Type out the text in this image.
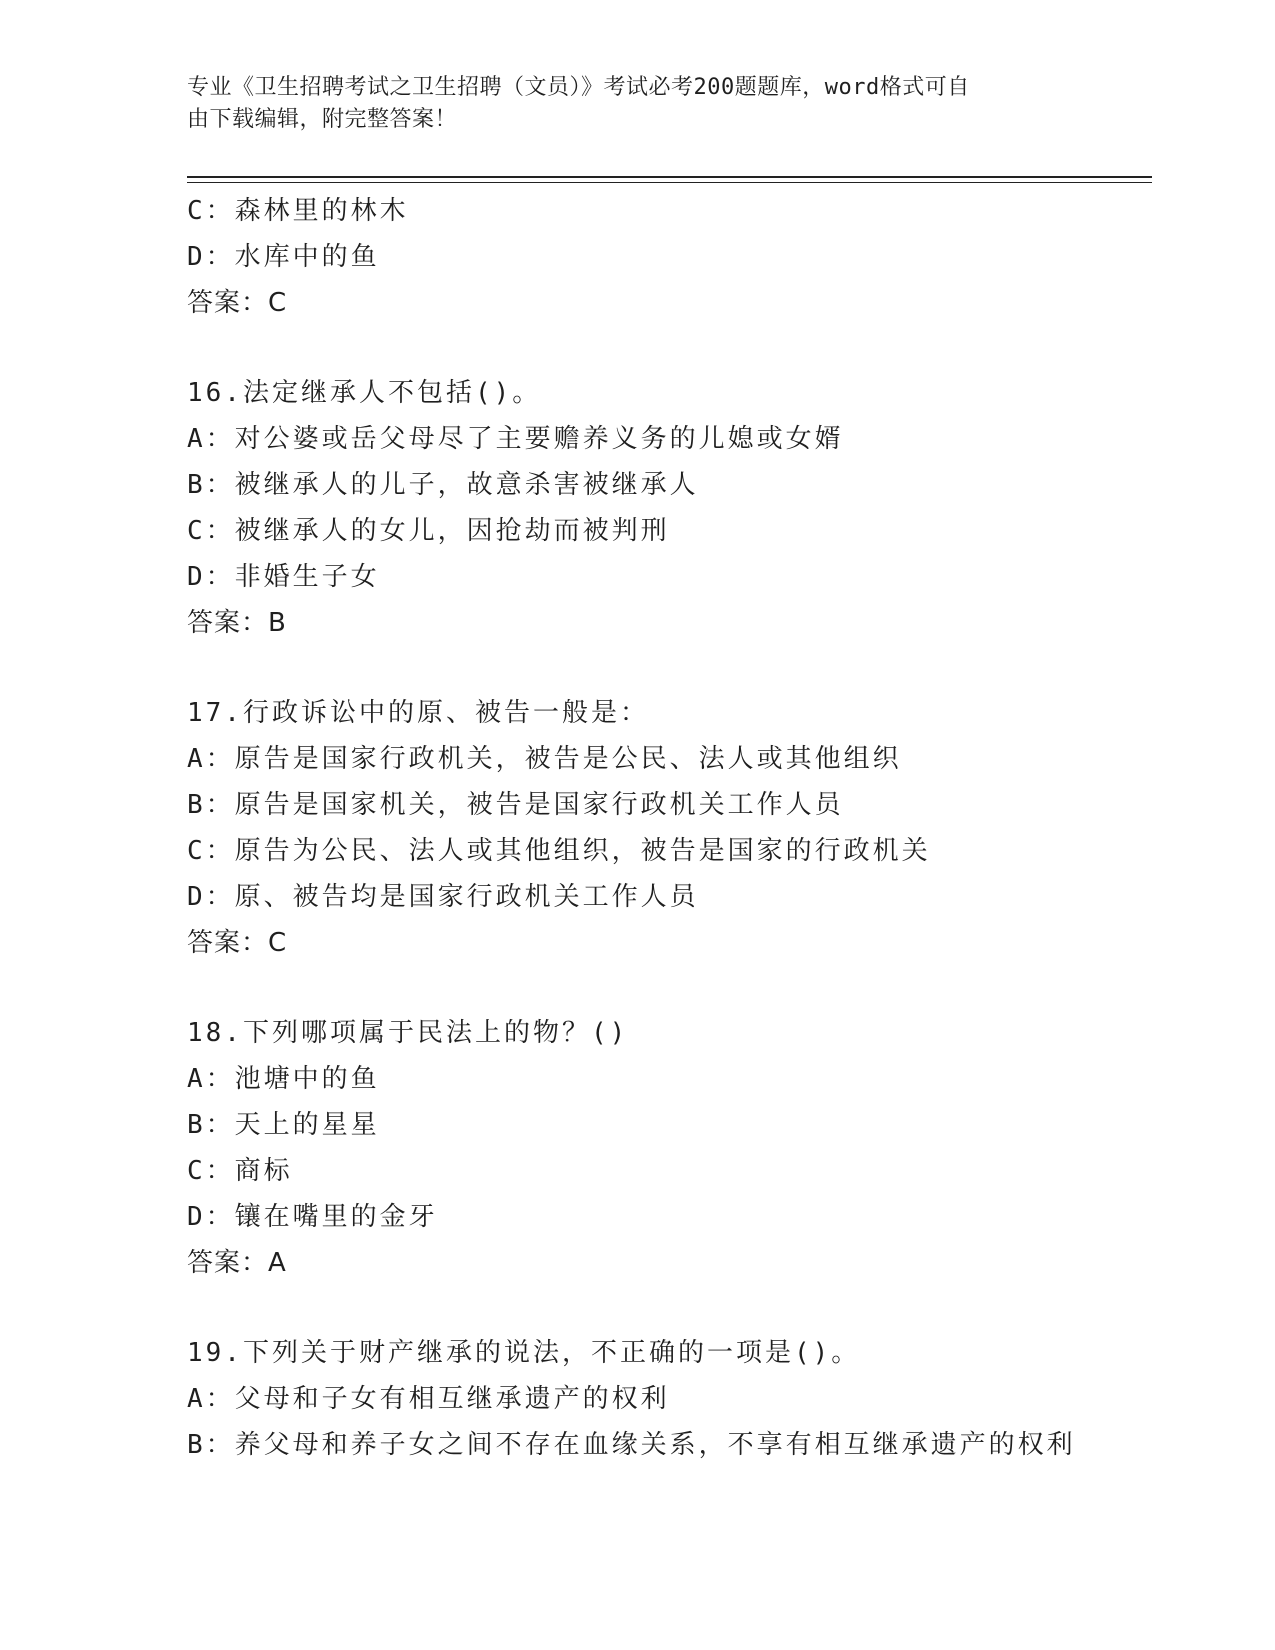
专业《卫生招聘考试之卫生招聘（文员）》考试必考200题题库，word格式可自
由下载编辑，附完整答案！
C：森林里的林木
D：水库中的鱼
答案：C
16.法定继承人不包括()。
A：对公婆或岳父母尽了主要赡养义务的儿媳或女婿
B：被继承人的儿子，故意杀害被继承人
C：被继承人的女儿，因抢劫而被判刑
D：非婚生子女
答案：B
17.行政诉讼中的原、被告一般是：
A：原告是国家行政机关，被告是公民、法人或其他组织
B：原告是国家机关，被告是国家行政机关工作人员
C：原告为公民、法人或其他组织，被告是国家的行政机关
D：原、被告均是国家行政机关工作人员
答案：C
18.下列哪项属于民法上的物？()
A：池塘中的鱼
B：天上的星星
C：商标
D：镶在嘴里的金牙
答案：A
19.下列关于财产继承的说法，不正确的一项是()。
A：父母和子女有相互继承遗产的权利
B：养父母和养子女之间不存在血缘关系，不享有相互继承遗产的权利
